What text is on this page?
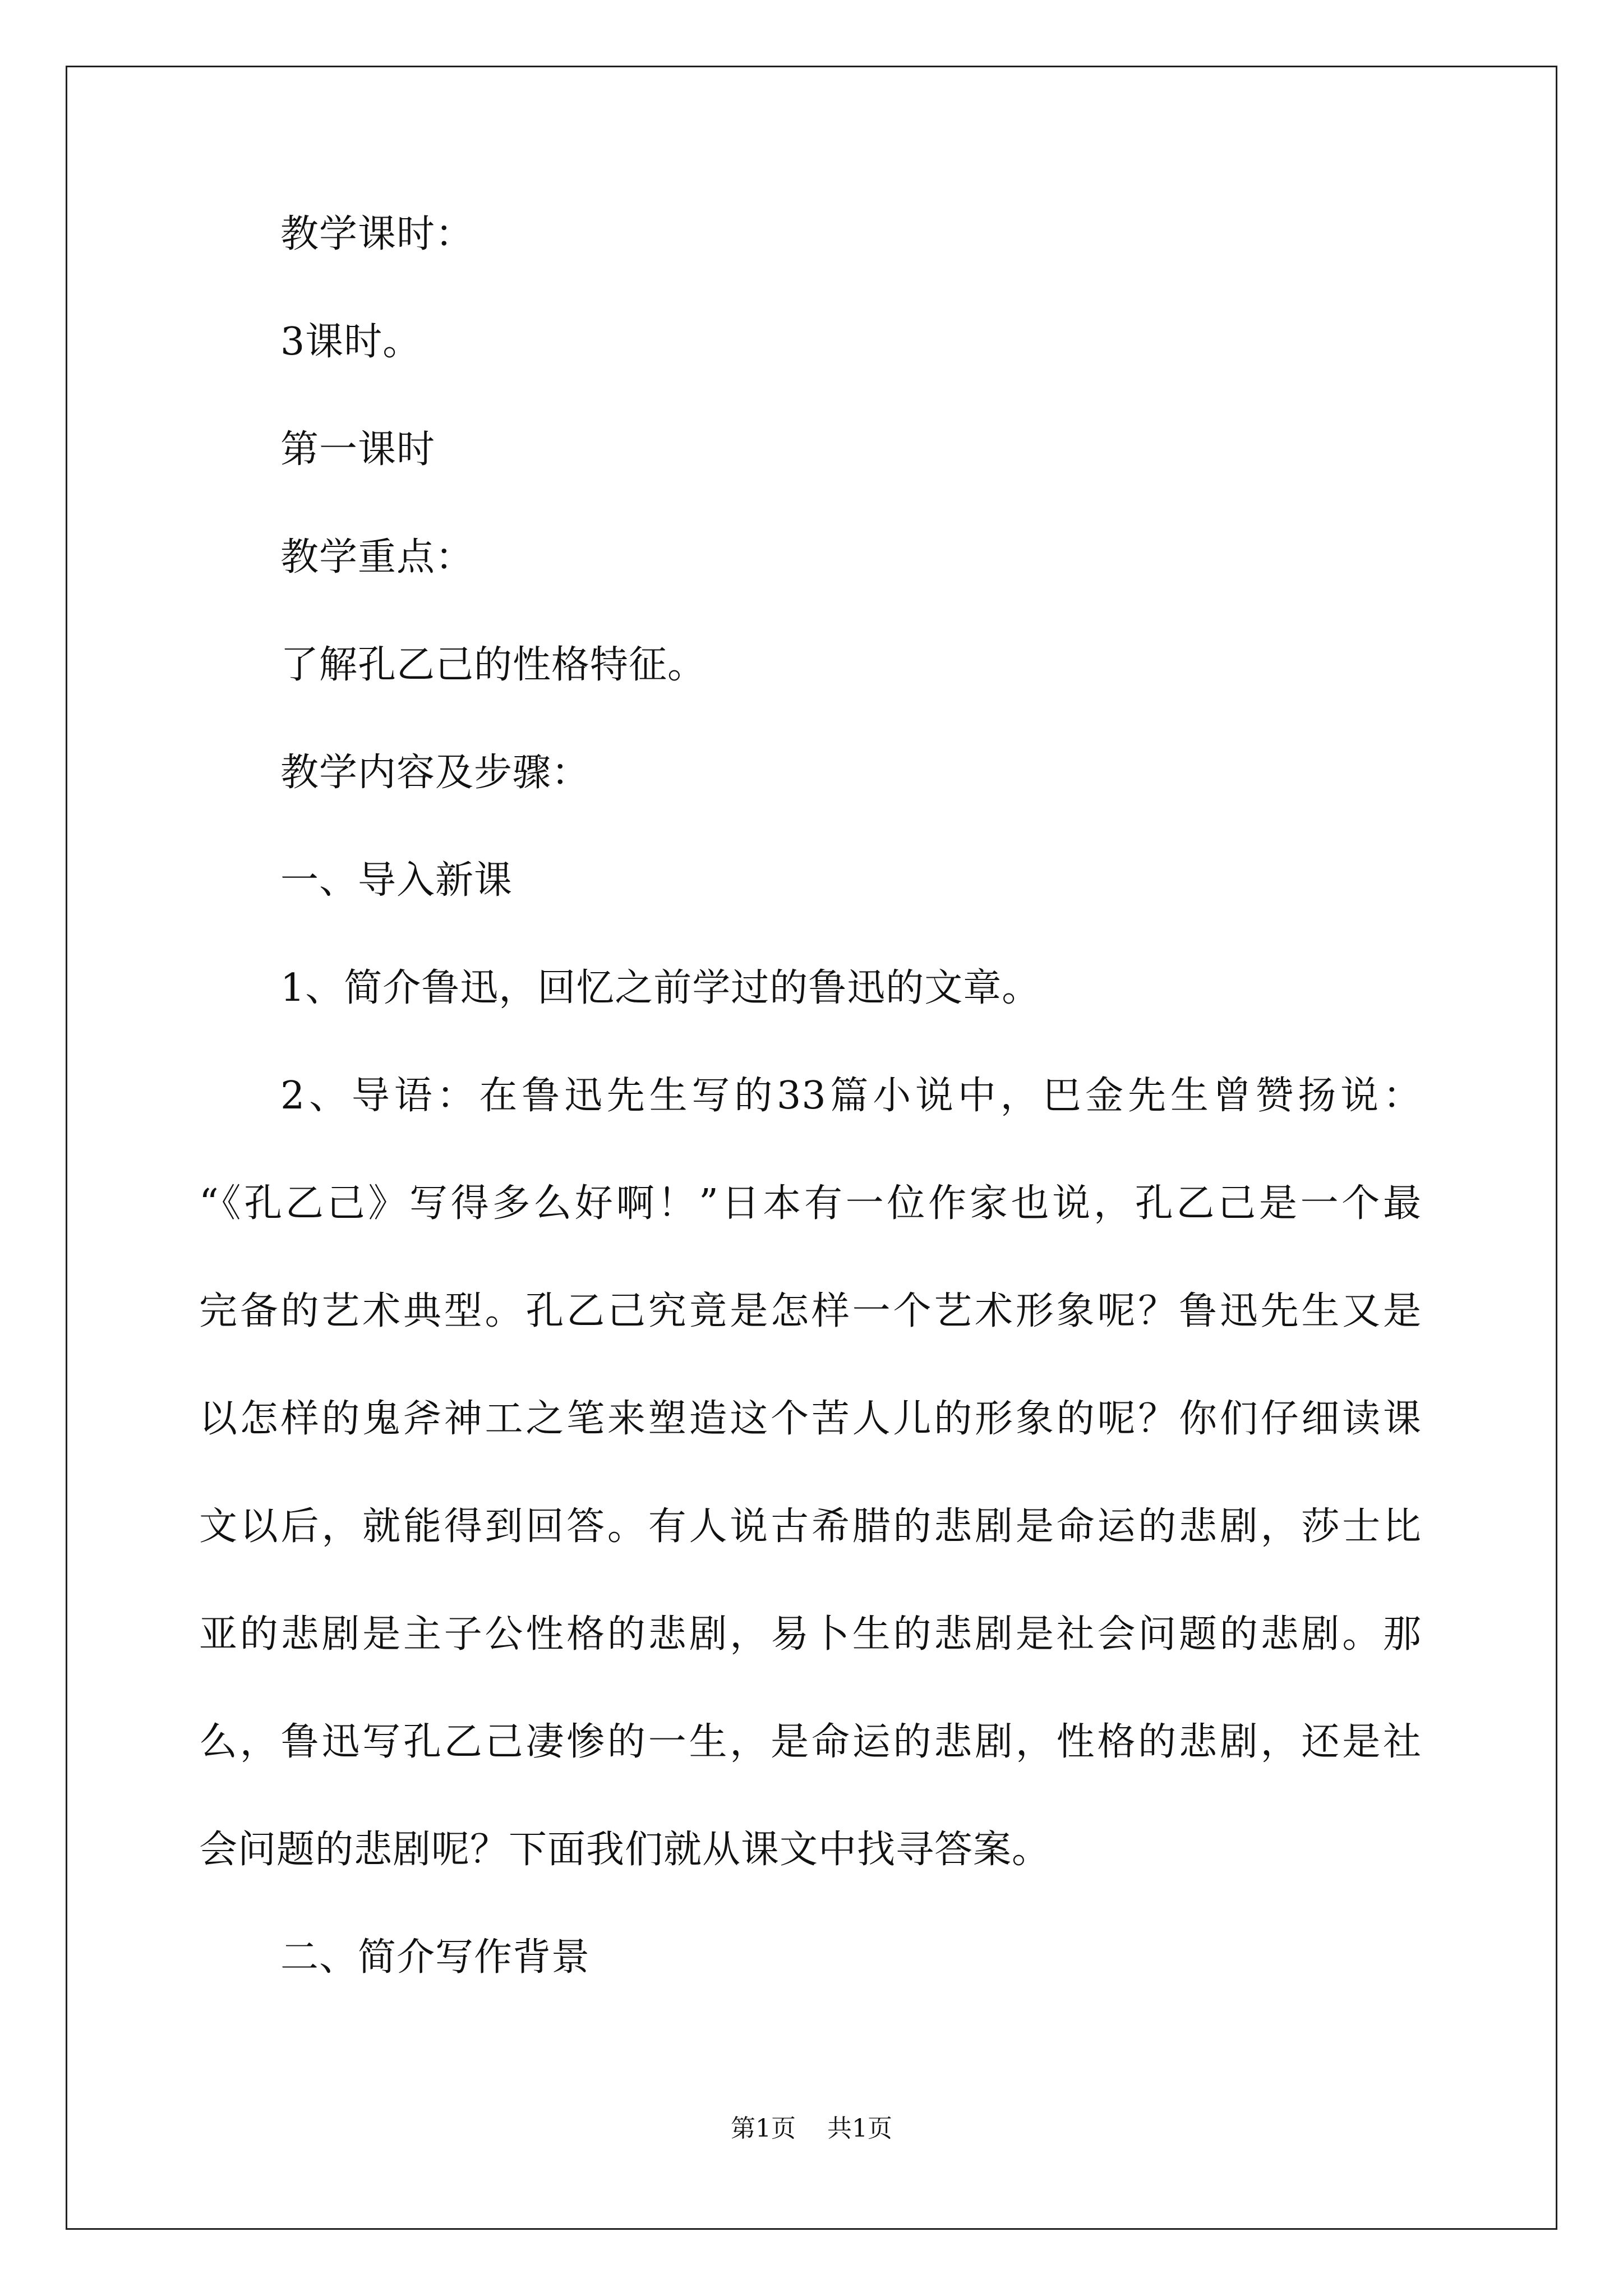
教学课时：
3课时。
第一课时
教学重点：
了解孔乙己的性格特征。
教学内容及步骤：
一、导入新课
1、简介鲁迅，回忆之前学过的鲁迅的文章。
2、导语：在鲁迅先生写的33篇小说中，巴金先生曾赞扬说：
“《孔乙己》写得多么好啊！”日本有一位作家也说，孔乙己是一个最
完备的艺术典型。孔乙己究竟是怎样一个艺术形象呢？鲁迅先生又是
以怎样的鬼斧神工之笔来塑造这个苦人儿的形象的呢？你们仔细读课
文以后，就能得到回答。有人说古希腊的悲剧是命运的悲剧，莎士比
亚的悲剧是主子公性格的悲剧，易卜生的悲剧是社会问题的悲剧。那
么，鲁迅写孔乙己凄惨的一生，是命运的悲剧，性格的悲剧，还是社
会问题的悲剧呢？下面我们就从课文中找寻答案。
二、简介写作背景
第1页 共1页
